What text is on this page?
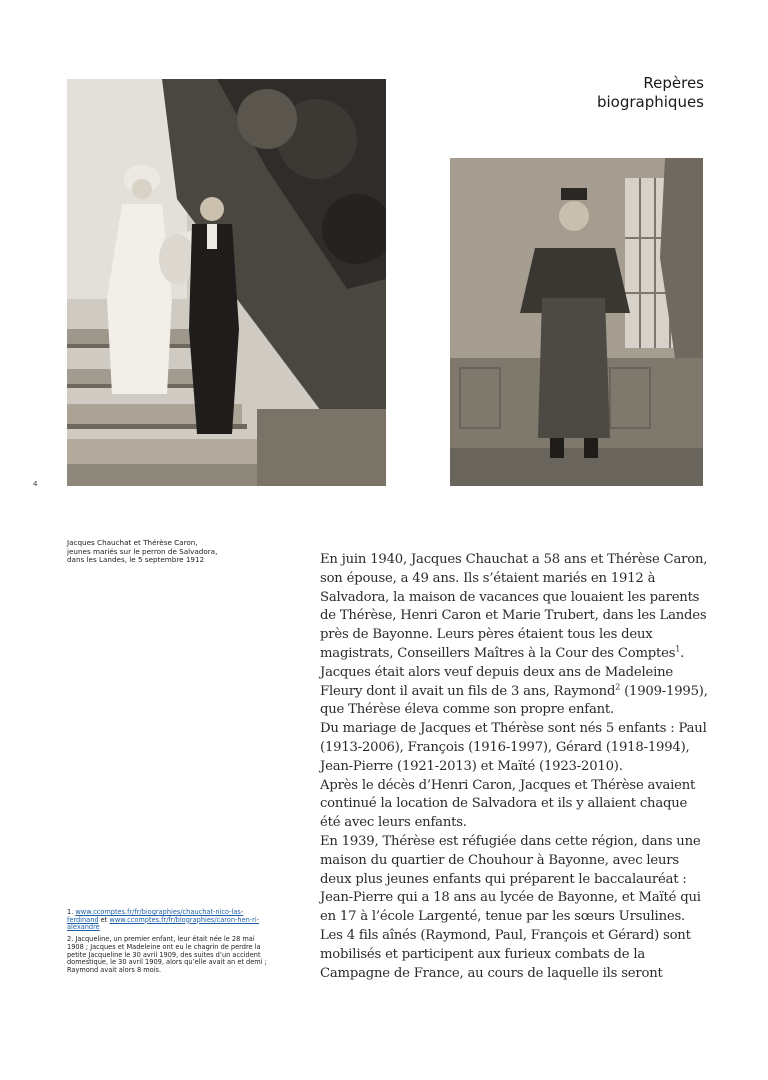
Repères
biographiques
4
Jacques Chauchat et Thérèse Caron,
jeunes mariés sur le perron de Salvadora,
dans les Landes, le 5 septembre 1912	En juin 1940, Jacques Chauchat a 58 ans et Thérèse Caron, son épouse, a 49 ans. Ils s’étaient mariés en 1912 à Salvadora, la maison de vacances que louaient les parents de Thérèse, Henri Caron et Marie Trubert, dans les Landes près de Bayonne. Leurs pères étaient tous les deux magistrats, Conseillers Maîtres à la Cour des Comptes$^1$.

Jacques était alors veuf depuis deux ans de Madeleine Fleury dont il avait un fils de 3 ans, Raymond$^2$ (1909-1995), que Thérèse éleva comme son propre enfant.

Du mariage de Jacques et Thérèse sont nés 5 enfants : Paul (1913-2006), François (1916-1997), Gérard (1918-1994), Jean-Pierre (1921-2013) et Maïté (1923-2010).

Après le décès d’Henri Caron, Jacques et Thérèse avaient continué la location de Salvadora et ils y allaient chaque été avec leurs enfants.

En 1939, Thérèse est réfugiée dans cette région, dans une maison du quartier de Chouhour à Bayonne, avec leurs deux plus jeunes enfants qui préparent le baccalauréat : Jean-Pierre qui a 18 ans au lycée de Bayonne, et Maïté qui en 17 à l’école Largenté, tenue par les sœurs Ursulines.

Les 4 fils aînés (Raymond, Paul, François et Gérard) sont mobilisés et participent aux furieux combats de la Campagne de France, au cours de laquelle ils seront

1. www.ccomptes.fr/fr/biographies/chauchat-nico-las-ferdinand et www.ccomptes.fr/fr/biographies/caron-hen-ri-alexandre
2. Jacqueline, un premier enfant, leur était née le 28 mai 1908 ; Jacques et Madeleine ont eu le chagrin de perdre la petite Jacqueline le 30 avril 1909, des suites d’un accident domestique, le 30 avril 1909, alors qu’elle avait an et demi ; Raymond avait alors 8 mois.
